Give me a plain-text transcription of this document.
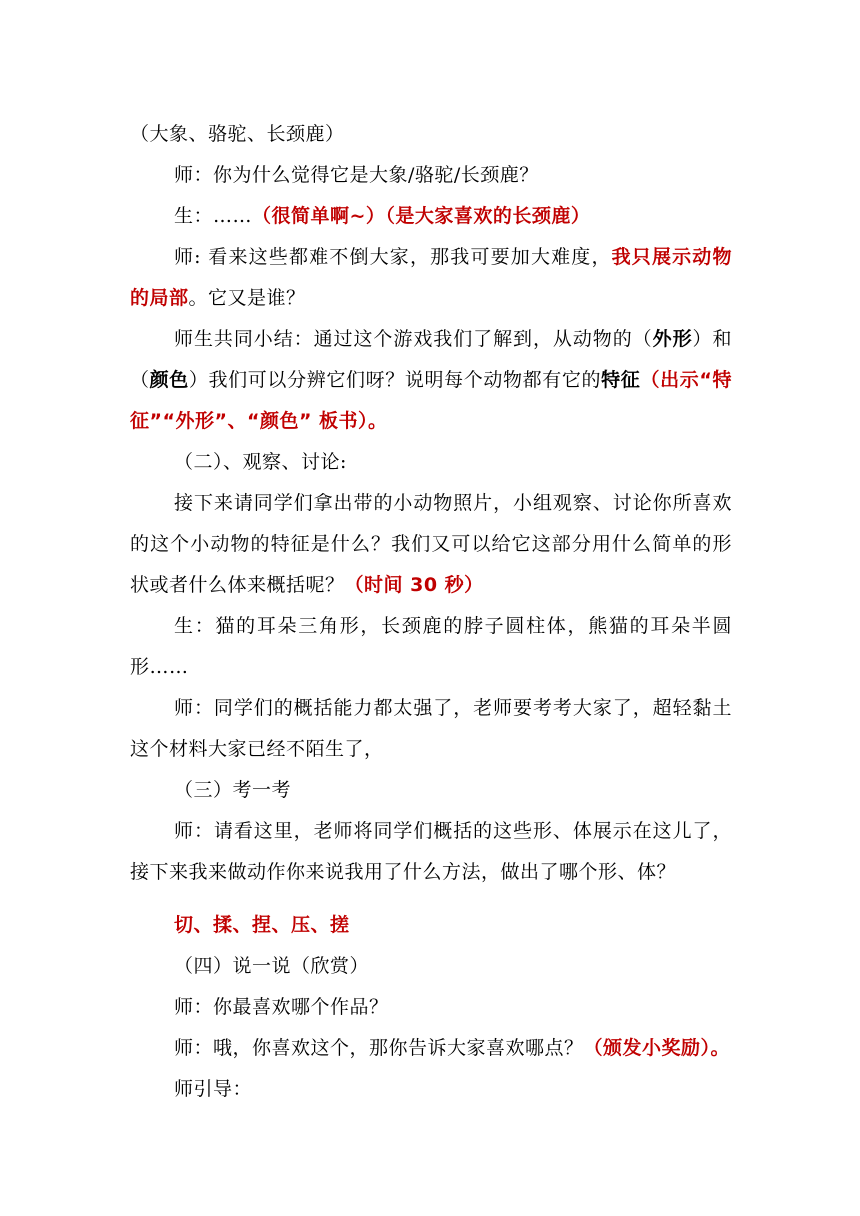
（大象、骆驼、长颈鹿）

师：你为什么觉得它是大象/骆驼/长颈鹿？

生：……（很简单啊~）（是大家喜欢的长颈鹿）

师: 看来这些都难不倒大家，那我可要加大难度，我只展示动物的局部。它又是谁？

师生共同小结：通过这个游戏我们了解到，从动物的（外形）和（颜色）我们可以分辨它们呀？说明每个动物都有它的特征（出示“特征”“外形”、“颜色” 板书）。

（二）、观察、讨论:

接下来请同学们拿出带的小动物照片，小组观察、讨论你所喜欢的这个小动物的特征是什么？我们又可以给它这部分用什么简单的形状或者什么体来概括呢？（时间 30 秒）

生：猫的耳朵三角形，长颈鹿的脖子圆柱体，熊猫的耳朵半圆形……

师：同学们的概括能力都太强了，老师要考考大家了，超轻黏土这个材料大家已经不陌生了，

（三）考一考

师：请看这里，老师将同学们概括的这些形、体展示在这儿了，接下来我来做动作你来说我用了什么方法，做出了哪个形、体？

切、揉、捏、压、搓

（四）说一说（欣赏）

师：你最喜欢哪个作品？

师：哦，你喜欢这个，那你告诉大家喜欢哪点？（颁发小奖励）。

师引导：
